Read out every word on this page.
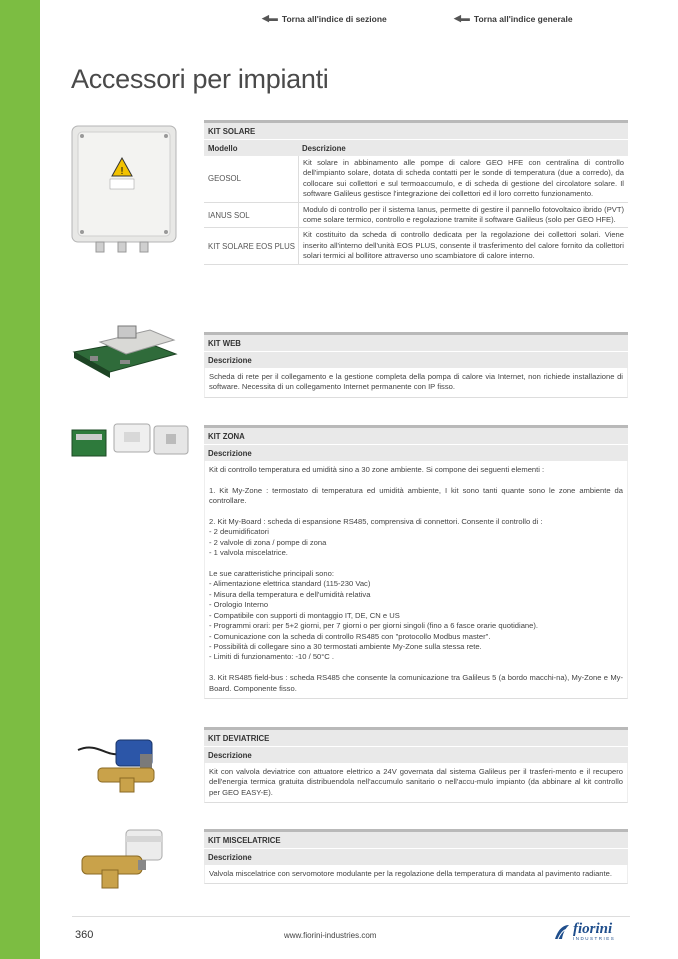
◀▬ Torna all'indice di sezione	◀▬ Torna all'indice generale
Accessori per impianti
!
KIT SOLARE
Modello	Descrizione
GEOSOL
Kit solare in abbinamento alle pompe di calore GEO HFE con centralina di controllo dell'impianto solare, dotata di scheda contatti per le sonde di temperatura (due a corredo), da collocare sui collettori e sul termoaccumulo, e di scheda di gestione del circolatore solare. Il software Galileus gestisce l'integrazione dei collettori ed il loro corretto funzionamento.
IANUS SOL
Modulo di controllo per il sistema Ianus, permette di gestire il pannello fotovoltaico ibrido (PVT) come solare termico, controllo e regolazione tramite il software Galileus (solo per GEO HFE).
KIT SOLARE EOS PLUS
Kit costituito da scheda di controllo dedicata per la regolazione dei collettori solari. Viene inserito all'interno dell'unità EOS PLUS, consente il trasferimento del calore fornito da collettori solari termici al bollitore attraverso uno scambiatore di calore interno.
KIT WEB
Descrizione
Scheda di rete per il collegamento e la gestione completa della pompa di calore via Internet, non richiede installazione di software. Necessita di un collegamento Internet permanente con IP fisso.
KIT ZONA
Descrizione
Kit di controllo temperatura ed umidità sino a 30 zone ambiente. Si compone dei seguenti elementi :

1. Kit My-Zone : termostato di temperatura ed umidità ambiente, I kit sono tanti quante sono le zone ambiente da controllare.

2. Kit My-Board : scheda di espansione RS485, comprensiva di connettori. Consente il controllo di :
- 2 deumidificatori
- 2 valvole di zona / pompe di zona
- 1 valvola miscelatrice.

Le sue caratteristiche principali sono:
- Alimentazione elettrica standard (115-230 Vac)
- Misura della temperatura e dell'umidità relativa
- Orologio Interno
- Compatibile con supporti di montaggio IT, DE, CN e US
- Programmi orari: per 5+2 giorni, per 7 giorni o per giorni singoli (fino a 6 fasce orarie quotidiane).
- Comunicazione con la scheda di controllo RS485 con "protocollo Modbus master".
- Possibilità di collegare sino a 30 termostati ambiente My-Zone sulla stessa rete.
- Limiti di funzionamento: -10 / 50°C .

3. Kit RS485 field-bus : scheda RS485 che consente la comunicazione tra Galileus 5 (a bordo macchi-na), My-Zone e My-Board. Componente fisso.
KIT DEVIATRICE
Descrizione
Kit con valvola deviatrice con attuatore elettrico a 24V governata dal sistema Galileus per il trasferi-mento e il recupero dell'energia termica gratuita distribuendola nell'accumulo sanitario o nell'accu-mulo impianto (da abbinare al kit controllo per GEO EASY-E).
KIT MISCELATRICE
Descrizione
Valvola miscelatrice con servomotore modulante per la regolazione della temperatura di mandata al pavimento radiante.
360	www.fiorini-industries.com	fiorini
INDUSTRIES
